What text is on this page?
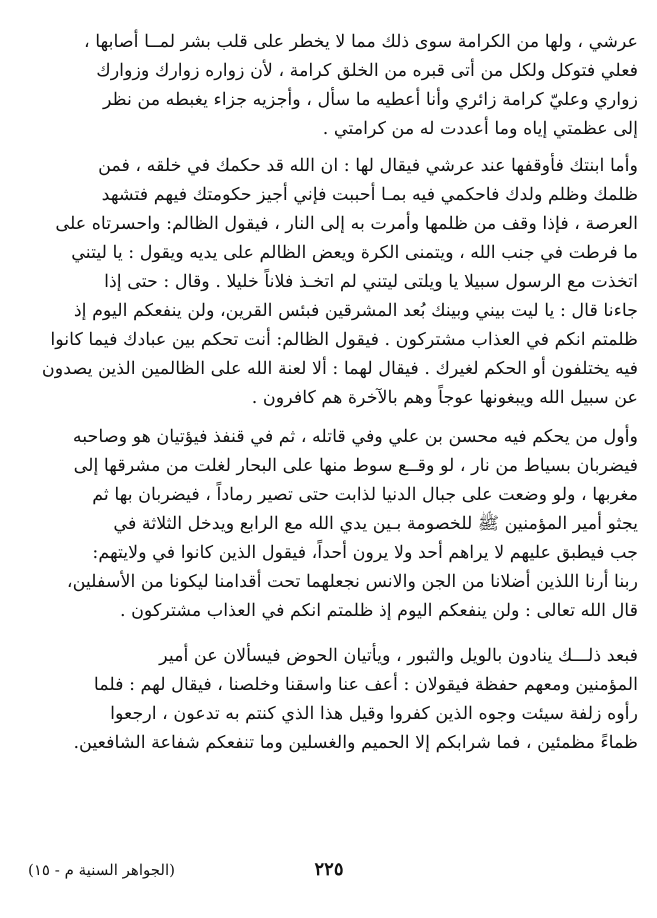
عرشي ، ولها من الكرامة سوى ذلك مما لا يخطر على قلب بشر لمــا أصابها ،
فعلي فتوكل ولكل من أتى قبره من الخلق كرامة ، لأن زواره زوارك وزوارك
زواري وعليّ كرامة زائري وأنا أعطيه ما سأل ، وأجزيه جزاء يغبطه من نظر
إلى عظمتي إياه وما أعددت له من كرامتي .
وأما ابنتك فأوقفها عند عرشي فيقال لها : ان الله قد حكمك في خلقه ، فمن
ظلمك وظلم ولدك فاحكمي فيه بمـا أحببت فإني أجيز حكومتك فيهم فتشهد
العرصة ، فإذا وقف من ظلمها وأمرت به إلى النار ، فيقول الظالم: واحسرتاه على
ما فرطت في جنب الله ، ويتمنى الكرة ويعض الظالم على يديه ويقول : يا ليتني
اتخذت مع الرسول سبيلا يا ويلتى ليتني لم اتخـذ فلاناً خليلا . وقال : حتى إذا
جاءنا قال : يا ليت بيني وبينك بُعد المشرقين فبئس القرين، ولن ينفعكم اليوم إذ
ظلمتم انكم في العذاب مشتركون . فيقول الظالم: أنت تحكم بين عبادك فيما كانوا
فيه يختلفون أو الحكم لغيرك . فيقال لهما : ألا لعنة الله على الظالمين الذين يصدون
عن سبيل الله ويبغونها عوجاً وهم بالآخرة هم كافرون .
وأول من يحكم فيه محسن بن علي وفي قاتله ، ثم في قنفذ فيؤتيان هو وصاحبه
فيضربان بسياط من نار ، لو وقــع سوط منها على البحار لغلت من مشرقها إلى
مغربها ، ولو وضعت على جبال الدنيا لذابت حتى تصير رماداً ، فيضربان بها ثم
يجثو أمير المؤمنين ﷺ للخصومة بـين يدي الله مع الرابع ويدخل الثلاثة في
جب فيطبق عليهم لا يراهم أحد ولا يرون أحداً، فيقول الذين كانوا في ولايتهم:
ربنا أرنا اللذين أضلانا من الجن والانس نجعلهما تحت أقدامنا ليكونا من الأسفلين،
قال الله تعالى : ولن ينفعكم اليوم إذ ظلمتم انكم في العذاب مشتركون .
فبعد ذلـــك ينادون بالويل والثبور ، ويأتيان الحوض فيسألان عن أمير
المؤمنين ومعهم حفظة فيقولان : أعف عنا واسقنا وخلصنا ، فيقال لهم : فلما
رأوه زلفة سيئت وجوه الذين كفروا وقيل هذا الذي كنتم به تدعون ، ارجعوا
ظماءً مظمئين ، فما شرابكم إلا الحميم والغسلين وما تنفعكم شفاعة الشافعين.
٢٢٥
(الجواهر السنية م - ١٥)
